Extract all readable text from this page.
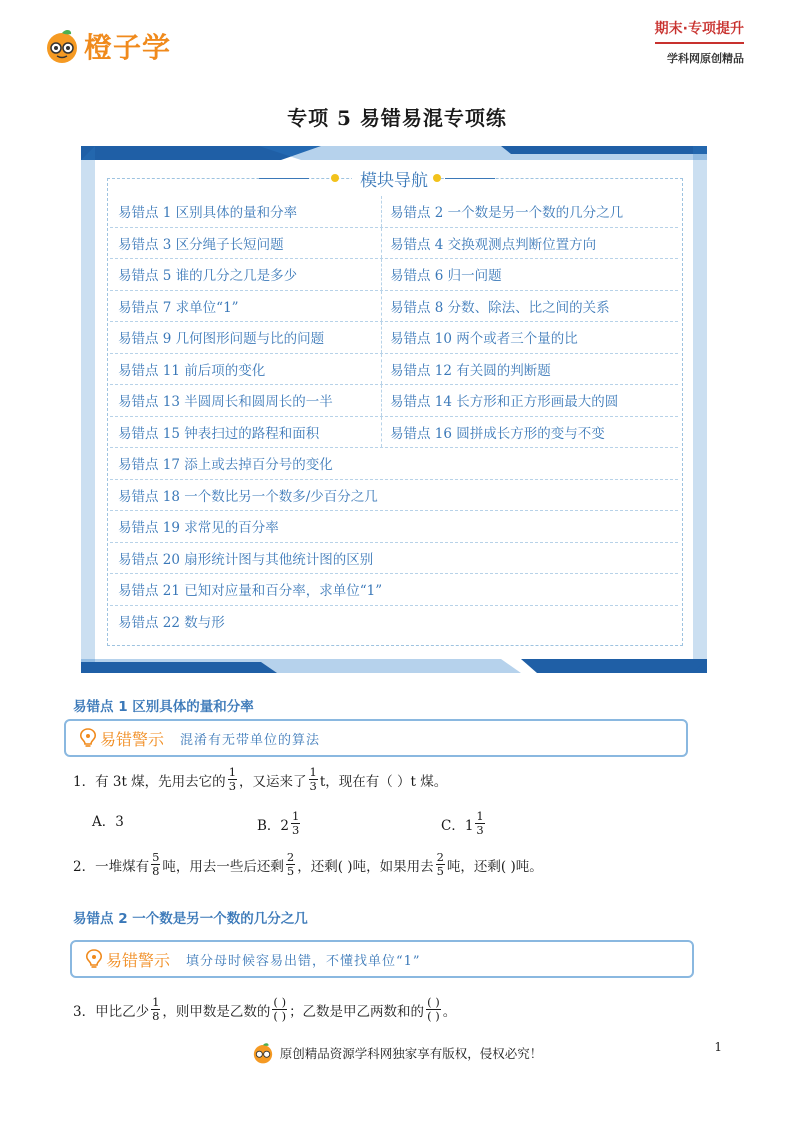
橙子学
期末·专项提升
学科网原创精品
专项 5 易错易混专项练
模块导航
易错点 1 区别具体的量和分率	易错点 2 一个数是另一个数的几分之几
易错点 3 区分绳子长短问题	易错点 4 交换观测点判断位置方向
易错点 5 谁的几分之几是多少	易错点 6 归一问题
易错点 7 求单位“1”	易错点 8 分数、除法、比之间的关系
易错点 9 几何图形问题与比的问题	易错点 10 两个或者三个量的比
易错点 11 前后项的变化	易错点 12 有关圆的判断题
易错点 13 半圆周长和圆周长的一半	易错点 14 长方形和正方形画最大的圆
易错点 15 钟表扫过的路程和面积	易错点 16 圆拼成长方形的变与不变
易错点 17 添上或去掉百分号的变化
易错点 18 一个数比另一个数多/少百分之几
易错点 19 求常见的百分率
易错点 20 扇形统计图与其他统计图的区别
易错点 21 已知对应量和百分率，求单位“1”
易错点 22 数与形
易错点 1 区别具体的量和分率
易错警示 混淆有无带单位的算法
1．有 3t 煤，先用去它的 $\frac{1}{3}$ ，又运来了 $\frac{1}{3}$ t，现在有（ ）t 煤。
A．3	B．$2 \frac{1}{3}$	C．$1 \frac{1}{3}$
2．一堆煤有 $\frac{5}{8}$ 吨，用去一些后还剩 $\frac{2}{5}$ ，还剩( )吨，如果用去 $\frac{2}{5}$ 吨，还剩( )吨。
易错点 2 一个数是另一个数的几分之几
易错警示 填分母时候容易出错，不懂找单位“1”
3．甲比乙少 $\frac{1}{8}$ ，则甲数是乙数的 $\frac{( )}{( )}$ ；乙数是甲乙两数和的 $\frac{( )}{( )}$ 。
原创精品资源学科网独家享有版权，侵权必究！	1
